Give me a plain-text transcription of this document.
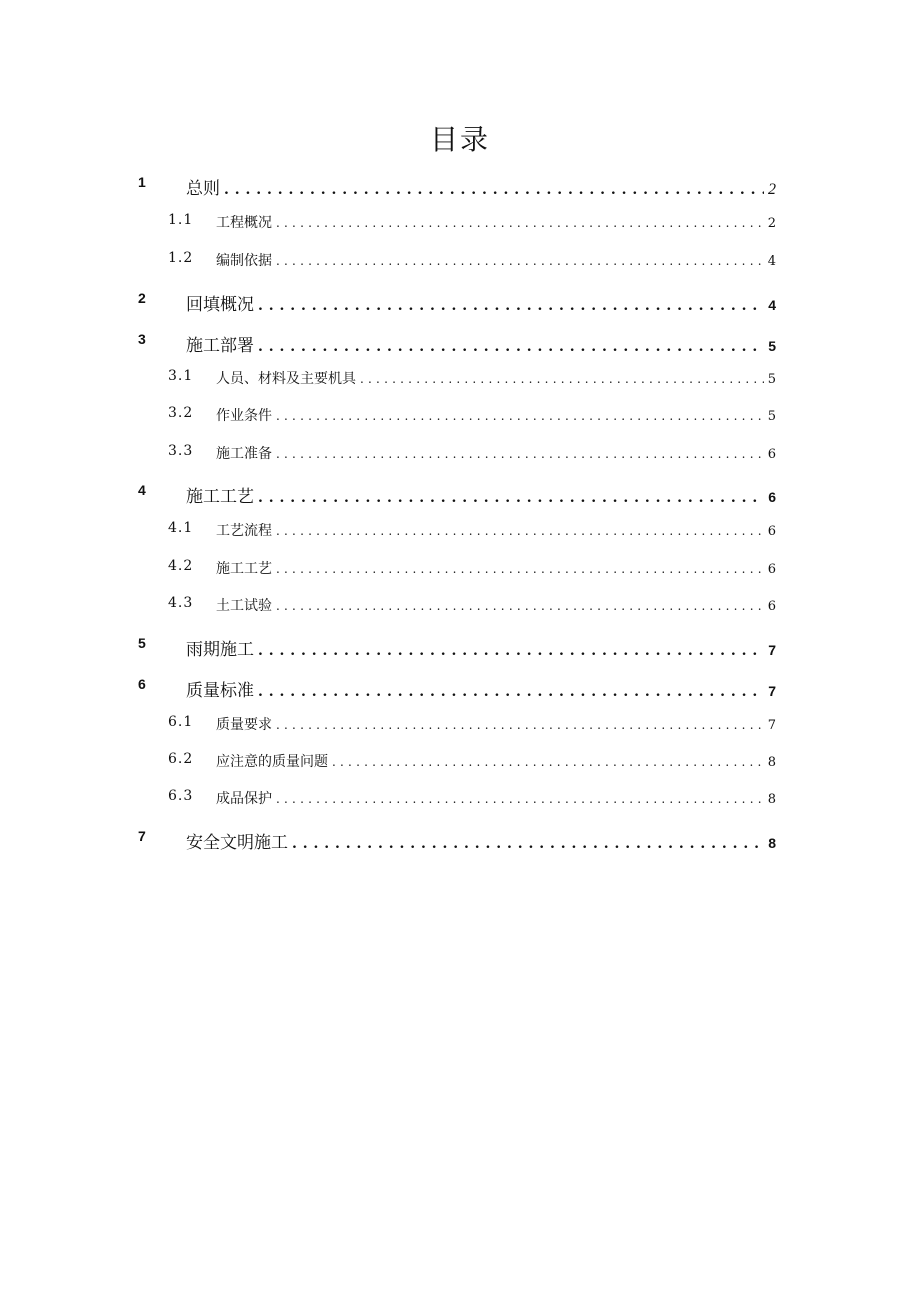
目录
1 总则 . . .	2
1.1 工程概况 . . .	2
1.2 编制依据 . . .	4
2 回填概况 . . .	4
3 施工部署 . . .	5
3.1 人员、材料及主要机具 . . .	5
3.2 作业条件 . . .	5
3.3 施工准备 . . .	6
4 施工工艺 . . .	6
4.1 工艺流程 . . .	6
4.2 施工工艺 . . .	6
4.3 土工试验 . . .	6
5 雨期施工 . . .	7
6 质量标准 . . .	7
6.1 质量要求 . . .	7
6.2 应注意的质量问题 . . .	8
6.3 成品保护 . . .	8
7 安全文明施工 . . .	8
